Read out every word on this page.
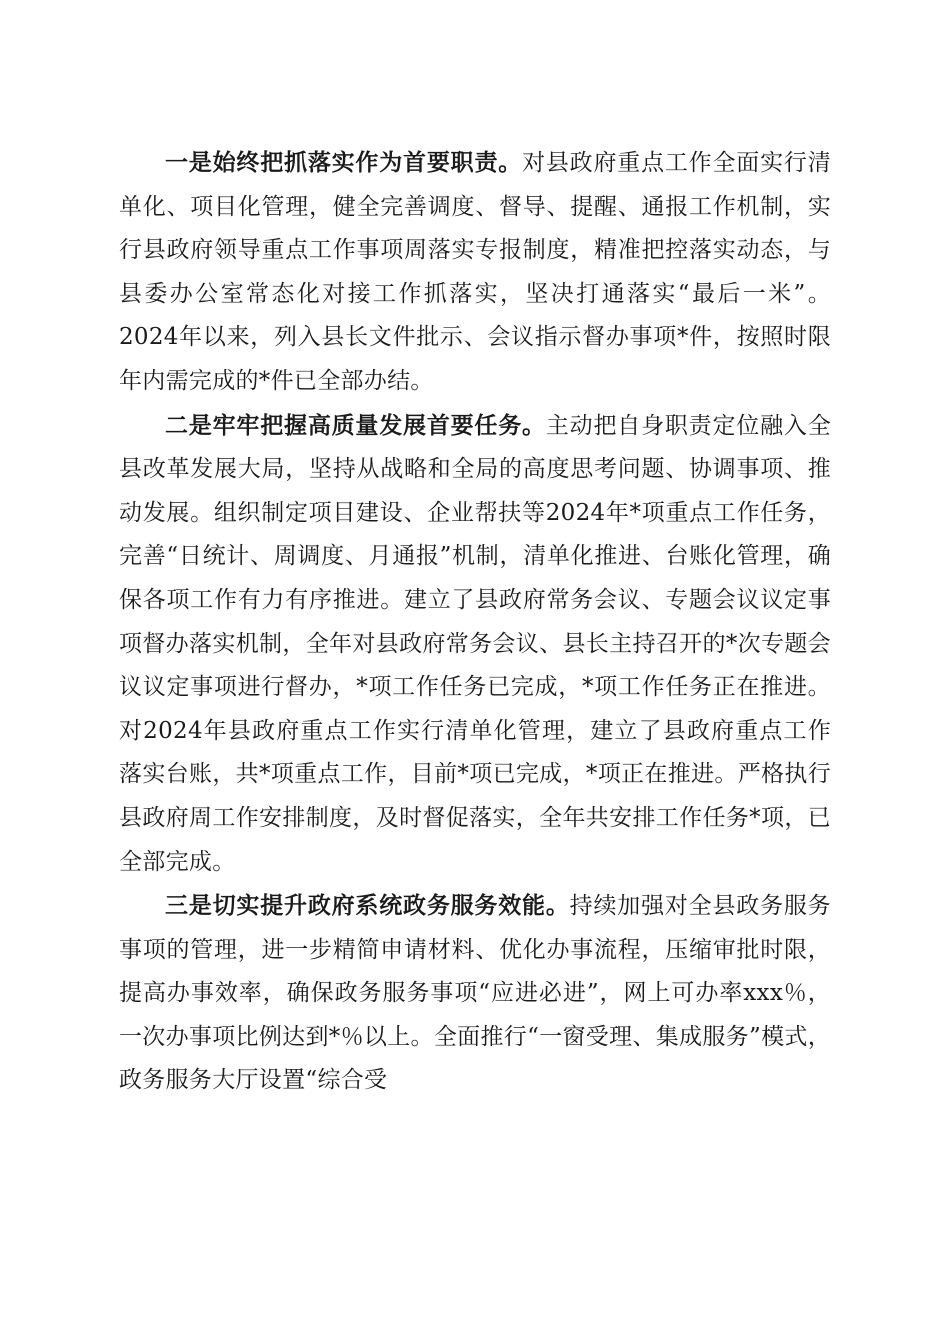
一是始终把抓落实作为首要职责。对县政府重点工作全面实行清单化、项目化管理，健全完善调度、督导、提醒、通报工作机制，实行县政府领导重点工作事项周落实专报制度，精准把控落实动态，与县委办公室常态化对接工作抓落实，坚决打通落实“最后一米”。2024年以来，列入县长文件批示、会议指示督办事项*件，按照时限年内需完成的*件已全部办结。

二是牢牢把握高质量发展首要任务。主动把自身职责定位融入全县改革发展大局，坚持从战略和全局的高度思考问题、协调事项、推动发展。组织制定项目建设、企业帮扶等2024年*项重点工作任务，完善“日统计、周调度、月通报”机制，清单化推进、台账化管理，确保各项工作有力有序推进。建立了县政府常务会议、专题会议议定事项督办落实机制，全年对县政府常务会议、县长主持召开的*次专题会议议定事项进行督办，*项工作任务已完成，*项工作任务正在推进。对2024年县政府重点工作实行清单化管理，建立了县政府重点工作落实台账，共*项重点工作，目前*项已完成，*项正在推进。严格执行县政府周工作安排制度，及时督促落实，全年共安排工作任务*项，已全部完成。

三是切实提升政府系统政务服务效能。持续加强对全县政务服务事项的管理，进一步精简申请材料、优化办事流程，压缩审批时限，提高办事效率，确保政务服务事项“应进必进”，网上可办率xxx％，一次办事项比例达到*％以上。全面推行“一窗受理、集成服务”模式，政务服务大厅设置“综合受
